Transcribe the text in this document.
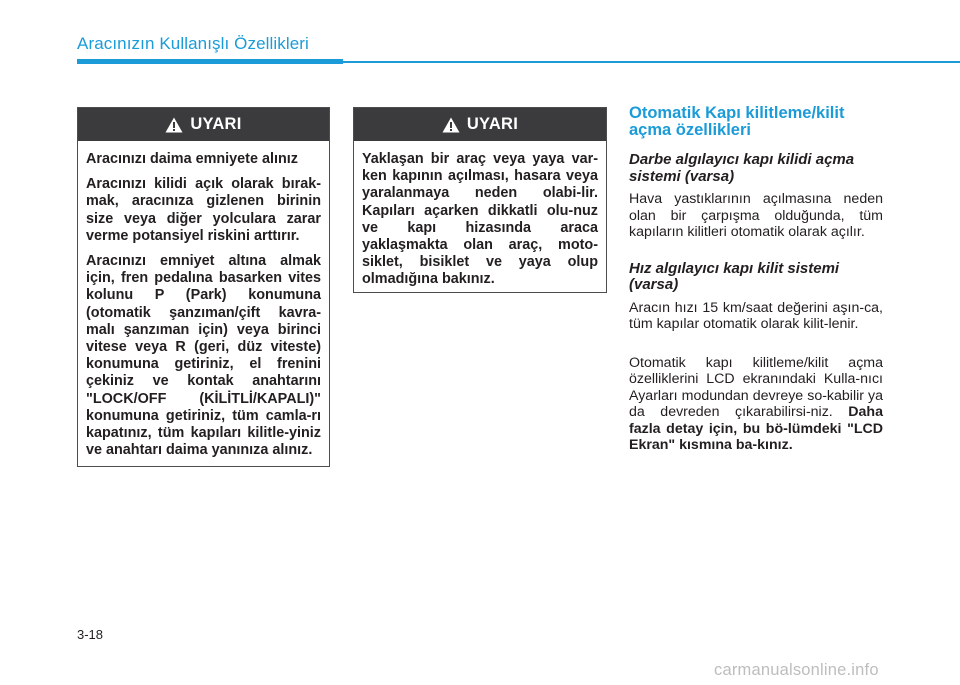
Aracınızın Kullanışlı Özellikleri
UYARI

Aracınızı daima emniyete alınız

Aracınızı kilidi açık olarak bırak-mak, aracınıza gizlenen birinin size veya diğer yolculara zarar verme potansiyel riskini arttırır.

Aracınızı emniyet altına almak için, fren pedalına basarken vites kolunu P (Park) konumuna (otomatik şanzıman/çift kavra-malı şanzıman için) veya birinci vitese veya R (geri, düz viteste) konumuna getiriniz, el frenini çekiniz ve kontak anahtarını "LOCK/OFF (KİLİTLİ/KAPALI)" konumuna getiriniz, tüm camla-rı kapatınız, tüm kapıları kilitle-yiniz ve anahtarı daima yanınıza alınız.

UYARI

Yaklaşan bir araç veya yaya var-ken kapının açılması, hasara veya yaralanmaya neden olabi-lir. Kapıları açarken dikkatli olu-nuz ve kapı hizasında araca yaklaşmakta olan araç, moto-siklet, bisiklet ve yaya olup olmadığına bakınız.

Otomatik Kapı kilitleme/kilit açma özellikleri
Darbe algılayıcı kapı kilidi açma sistemi (varsa)
Hava yastıklarının açılmasına neden olan bir çarpışma olduğunda, tüm kapıların kilitleri otomatik olarak açılır.
Hız algılayıcı kapı kilit sistemi (varsa)
Aracın hızı 15 km/saat değerini aşın-ca, tüm kapılar otomatik olarak kilit-lenir.
Otomatik kapı kilitleme/kilit açma özelliklerini LCD ekranındaki Kulla-nıcı Ayarları modundan devreye so-kabilir ya da devreden çıkarabilirsi-niz. Daha fazla detay için, bu bö-lümdeki "LCD Ekran" kısmına ba-kınız.
3-18
carmanualsonline.info
